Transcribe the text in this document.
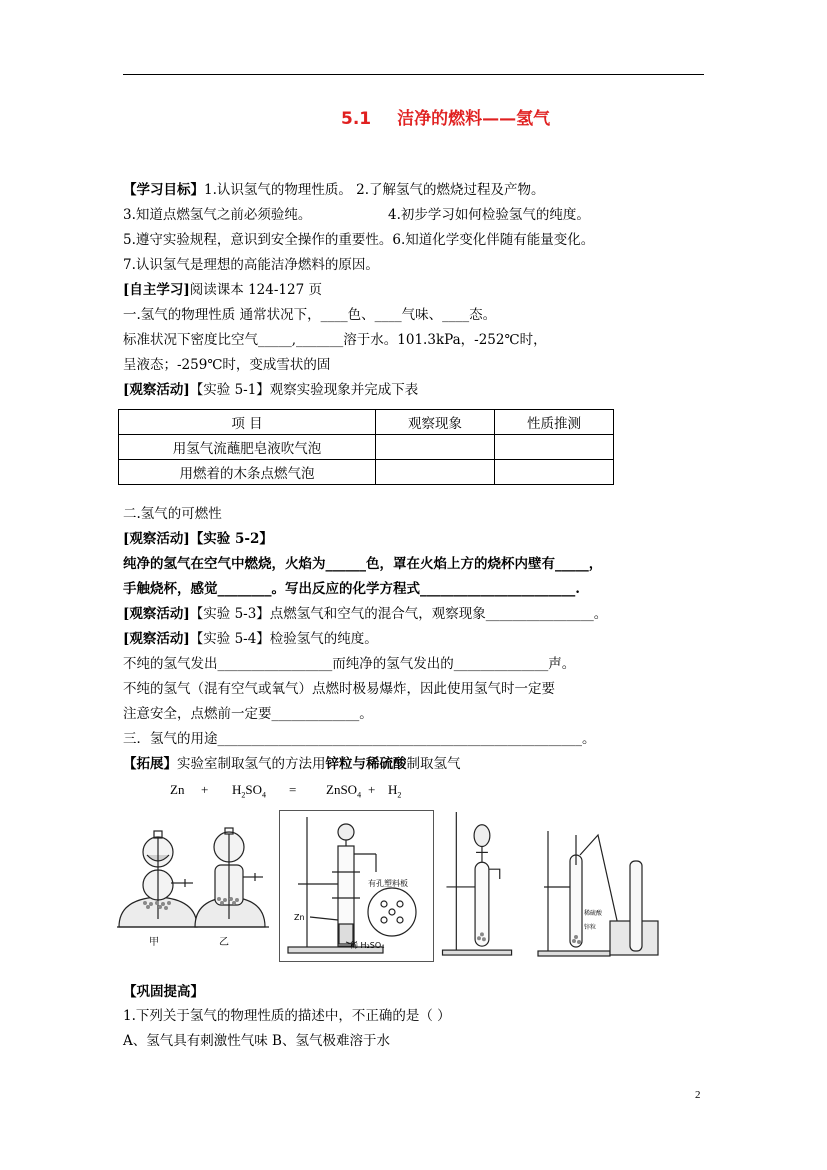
5.1 洁净的燃料——氢气
【学习目标】1.认识氢气的物理性质。 2.了解氢气的燃烧过程及产物。
3.知道点燃氢气之前必须验纯。	4.初步学习如何检验氢气的纯度。
5.遵守实验规程，意识到安全操作的重要性。6.知道化学变化伴随有能量变化。
7.认识氢气是理想的高能洁净燃料的原因。
[自主学习]阅读课本 124-127 页
一.氢气的物理性质 通常状况下，____色、____气味、____态。
标准状况下密度比空气_____,_______溶于水。101.3kPa，-252℃时，
呈液态；-259℃时，变成雪状的固
[观察活动]【实验 5-1】观察实验现象并完成下表
项 目	观察现象	性质推测
用氢气流蘸肥皂液吹气泡		
用燃着的木条点燃气泡		
二.氢气的可燃性
[观察活动]【实验 5-2】
纯净的氢气在空气中燃烧，火焰为______色，罩在火焰上方的烧杯内壁有_____，
手触烧杯，感觉________。写出反应的化学方程式_______________________.
[观察活动]【实验 5-3】点燃氢气和空气的混合气，观察现象________________。
[观察活动]【实验 5-4】检验氢气的纯度。
不纯的氢气发出_________________而纯净的氢气发出的______________声。
不纯的氢气（混有空气或氧气）点燃时极易爆炸，因此使用氢气时一定要
注意安全，点燃前一定要_____________。
三．氢气的用途______________________________________________________。
【拓展】实验室制取氢气的方法用锌粒与稀硫酸制取氢气
$Zn + H_2SO_4$ = ZnSO$_4$ + $H_2$
甲	乙
有孔塑料板
Zn
稀 H₂SO₄
稀硫酸
锌粒
【巩固提高】
1.下列关于氢气的物理性质的描述中，不正确的是（ ）
A、氢气具有刺激性气味 B、氢气极难溶于水
2
